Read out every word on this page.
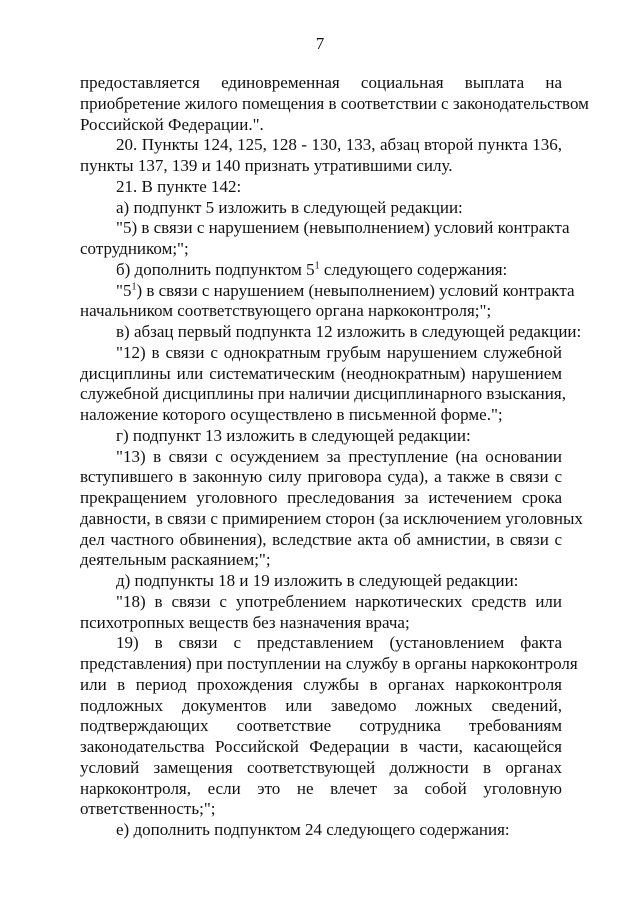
7
предоставляется единовременная социальная выплата на
приобретение жилого помещения в соответствии с законодательством
Российской Федерации.".
20. Пункты 124, 125, 128 - 130, 133, абзац второй пункта 136,
пункты 137, 139 и 140 признать утратившими силу.
21. В пункте 142:
а) подпункт 5 изложить в следующей редакции:
"5) в связи с нарушением (невыполнением) условий контракта
сотрудником;";
б) дополнить подпунктом $5^1$ следующего содержания:
"$5^1$) в связи с нарушением (невыполнением) условий контракта
начальником соответствующего органа наркоконтроля;";
в) абзац первый подпункта 12 изложить в следующей редакции:
"12) в связи с однократным грубым нарушением служебной
дисциплины или систематическим (неоднократным) нарушением
служебной дисциплины при наличии дисциплинарного взыскания,
наложение которого осуществлено в письменной форме.";
г) подпункт 13 изложить в следующей редакции:
"13) в связи с осуждением за преступление (на основании
вступившего в законную силу приговора суда), а также в связи с
прекращением уголовного преследования за истечением срока
давности, в связи с примирением сторон (за исключением уголовных
дел частного обвинения), вследствие акта об амнистии, в связи с
деятельным раскаянием;";
д) подпункты 18 и 19 изложить в следующей редакции:
"18) в связи с употреблением наркотических средств или
психотропных веществ без назначения врача;
19) в связи с представлением (установлением факта
представления) при поступлении на службу в органы наркоконтроля
или в период прохождения службы в органах наркоконтроля
подложных документов или заведомо ложных сведений,
подтверждающих соответствие сотрудника требованиям
законодательства Российской Федерации в части, касающейся
условий замещения соответствующей должности в органах
наркоконтроля, если это не влечет за собой уголовную
ответственность;";
е) дополнить подпунктом 24 следующего содержания:
